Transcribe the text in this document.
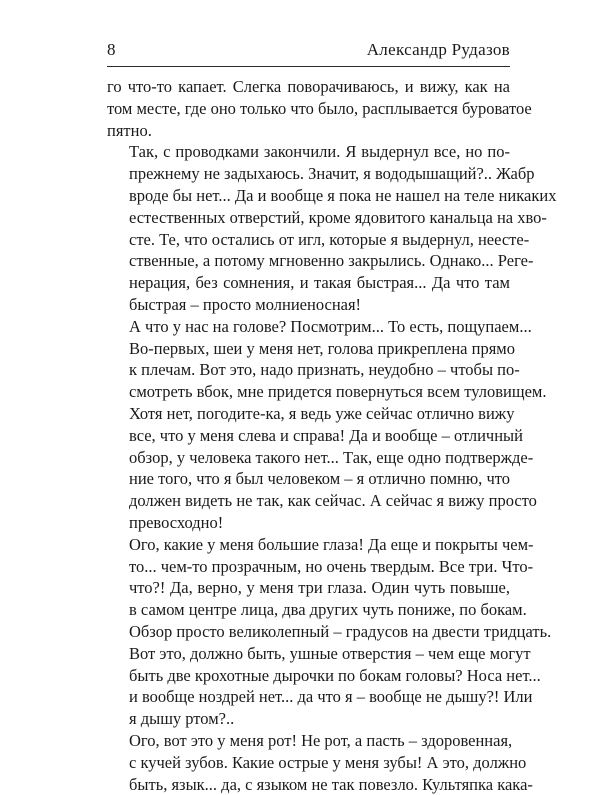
8	Александр Рудазов

го что-то капает. Слегка поворачиваюсь, и вижу, как на
том месте, где оно только что было, расплывается буроватое
пятно.

Так, с проводками закончили. Я выдернул все, но по-
прежнему не задыхаюсь. Значит, я вододышащий?.. Жабр
вроде бы нет... Да и вообще я пока не нашел на теле никаких
естественных отверстий, кроме ядовитого канальца на хво-
сте. Те, что остались от игл, которые я выдернул, неесте-
ственные, а потому мгновенно закрылись. Однако... Реге-
нерация, без сомнения, и такая быстрая... Да что там
быстрая – просто молниеносная!

А что у нас на голове? Посмотрим... То есть, пощупаем...
Во-первых, шеи у меня нет, голова прикреплена прямо
к плечам. Вот это, надо признать, неудобно – чтобы по-
смотреть вбок, мне придется повернуться всем туловищем.

Хотя нет, погодите-ка, я ведь уже сейчас отлично вижу
все, что у меня слева и справа! Да и вообще – отличный
обзор, у человека такого нет... Так, еще одно подтвержде-
ние того, что я был человеком – я отлично помню, что
должен видеть не так, как сейчас. А сейчас я вижу просто
превосходно!

Ого, какие у меня большие глаза! Да еще и покрыты чем-
то... чем-то прозрачным, но очень твердым. Все три. Что-
что?! Да, верно, у меня три глаза. Один чуть повыше,
в самом центре лица, два других чуть пониже, по бокам.
Обзор просто великолепный – градусов на двести тридцать.

Вот это, должно быть, ушные отверстия – чем еще могут
быть две крохотные дырочки по бокам головы? Носа нет...
и вообще ноздрей нет... да что я – вообще не дышу?! Или
я дышу ртом?..

Ого, вот это у меня рот! Не рот, а пасть – здоровенная,
с кучей зубов. Какие острые у меня зубы! А это, должно
быть, язык... да, с языком не так повезло. Культяпка кака-
